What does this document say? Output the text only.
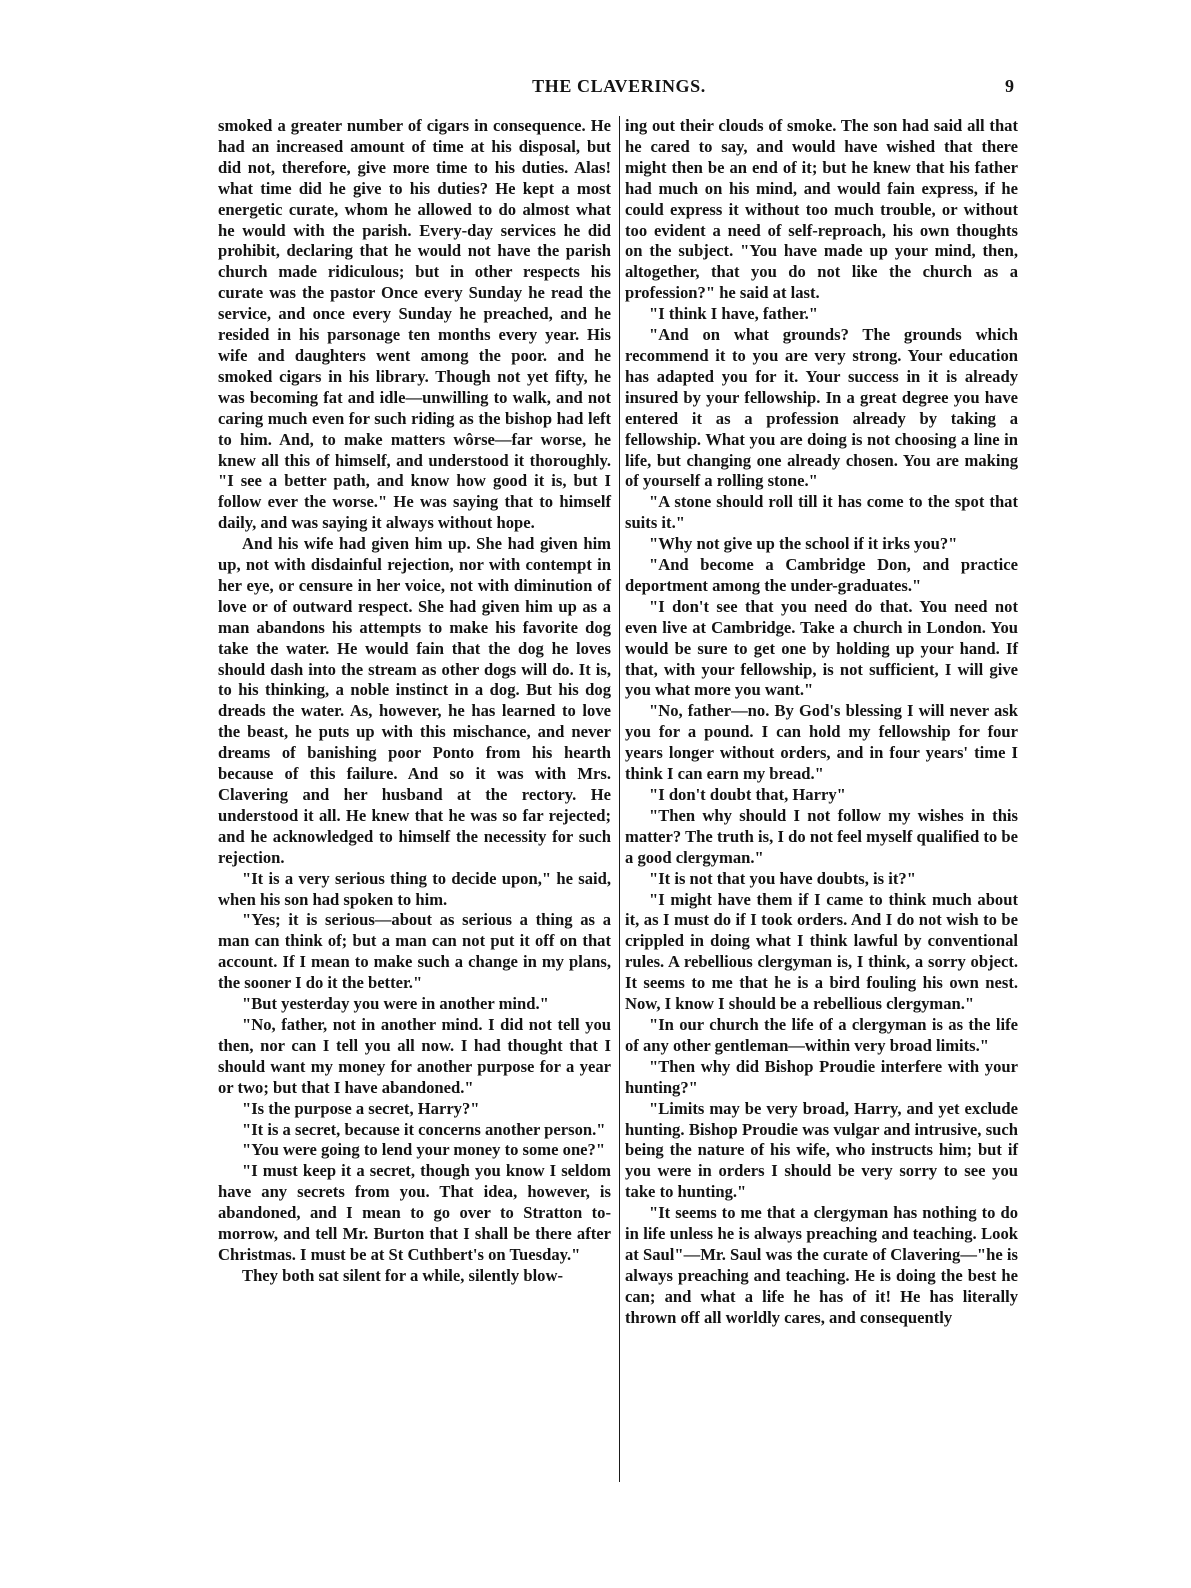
THE CLAVERINGS.	9

smoked a greater number of cigars in consequence. He had an increased amount of time at his disposal, but did not, therefore, give more time to his duties. Alas! what time did he give to his duties? He kept a most energetic curate, whom he allowed to do almost what he would with the parish. Every-day services he did prohibit, declaring that he would not have the parish church made ridiculous; but in other respects his curate was the pastor Once every Sunday he read the service, and once every Sunday he preached, and he resided in his parsonage ten months every year. His wife and daughters went among the poor. and he smoked cigars in his library. Though not yet fifty, he was becoming fat and idle—unwilling to walk, and not caring much even for such riding as the bishop had left to him. And, to make matters wôrse—far worse, he knew all this of himself, and understood it thoroughly. "I see a better path, and know how good it is, but I follow ever the worse." He was saying that to himself daily, and was saying it always without hope.

And his wife had given him up. She had given him up, not with disdainful rejection, nor with contempt in her eye, or censure in her voice, not with diminution of love or of outward respect. She had given him up as a man abandons his attempts to make his favorite dog take the water. He would fain that the dog he loves should dash into the stream as other dogs will do. It is, to his thinking, a noble instinct in a dog. But his dog dreads the water. As, however, he has learned to love the beast, he puts up with this mischance, and never dreams of banishing poor Ponto from his hearth because of this failure. And so it was with Mrs. Clavering and her husband at the rectory. He understood it all. He knew that he was so far rejected; and he acknowledged to himself the necessity for such rejection.

"It is a very serious thing to decide upon," he said, when his son had spoken to him.

"Yes; it is serious—about as serious a thing as a man can think of; but a man can not put it off on that account. If I mean to make such a change in my plans, the sooner I do it the better."

"But yesterday you were in another mind."

"No, father, not in another mind. I did not tell you then, nor can I tell you all now. I had thought that I should want my money for another purpose for a year or two; but that I have abandoned."

"Is the purpose a secret, Harry?"

"It is a secret, because it concerns another person."

"You were going to lend your money to some one?"

"I must keep it a secret, though you know I seldom have any secrets from you. That idea, however, is abandoned, and I mean to go over to Stratton to-morrow, and tell Mr. Burton that I shall be there after Christmas. I must be at St Cuthbert's on Tuesday."

They both sat silent for a while, silently blow-

ing out their clouds of smoke. The son had said all that he cared to say, and would have wished that there might then be an end of it; but he knew that his father had much on his mind, and would fain express, if he could express it without too much trouble, or without too evident a need of self-reproach, his own thoughts on the subject. "You have made up your mind, then, altogether, that you do not like the church as a profession?" he said at last.

"I think I have, father."

"And on what grounds? The grounds which recommend it to you are very strong. Your education has adapted you for it. Your success in it is already insured by your fellowship. In a great degree you have entered it as a profession already by taking a fellowship. What you are doing is not choosing a line in life, but changing one already chosen. You are making of yourself a rolling stone."

"A stone should roll till it has come to the spot that suits it."

"Why not give up the school if it irks you?"

"And become a Cambridge Don, and practice deportment among the under-graduates."

"I don't see that you need do that. You need not even live at Cambridge. Take a church in London. You would be sure to get one by holding up your hand. If that, with your fellowship, is not sufficient, I will give you what more you want."

"No, father—no. By God's blessing I will never ask you for a pound. I can hold my fellowship for four years longer without orders, and in four years' time I think I can earn my bread."

"I don't doubt that, Harry"

"Then why should I not follow my wishes in this matter? The truth is, I do not feel myself qualified to be a good clergyman."

"It is not that you have doubts, is it?"

"I might have them if I came to think much about it, as I must do if I took orders. And I do not wish to be crippled in doing what I think lawful by conventional rules. A rebellious clergyman is, I think, a sorry object. It seems to me that he is a bird fouling his own nest. Now, I know I should be a rebellious clergyman."

"In our church the life of a clergyman is as the life of any other gentleman—within very broad limits."

"Then why did Bishop Proudie interfere with your hunting?"

"Limits may be very broad, Harry, and yet exclude hunting. Bishop Proudie was vulgar and intrusive, such being the nature of his wife, who instructs him; but if you were in orders I should be very sorry to see you take to hunting."

"It seems to me that a clergyman has nothing to do in life unless he is always preaching and teaching. Look at Saul"—Mr. Saul was the curate of Clavering—"he is always preaching and teaching. He is doing the best he can; and what a life he has of it! He has literally thrown off all worldly cares, and consequently
